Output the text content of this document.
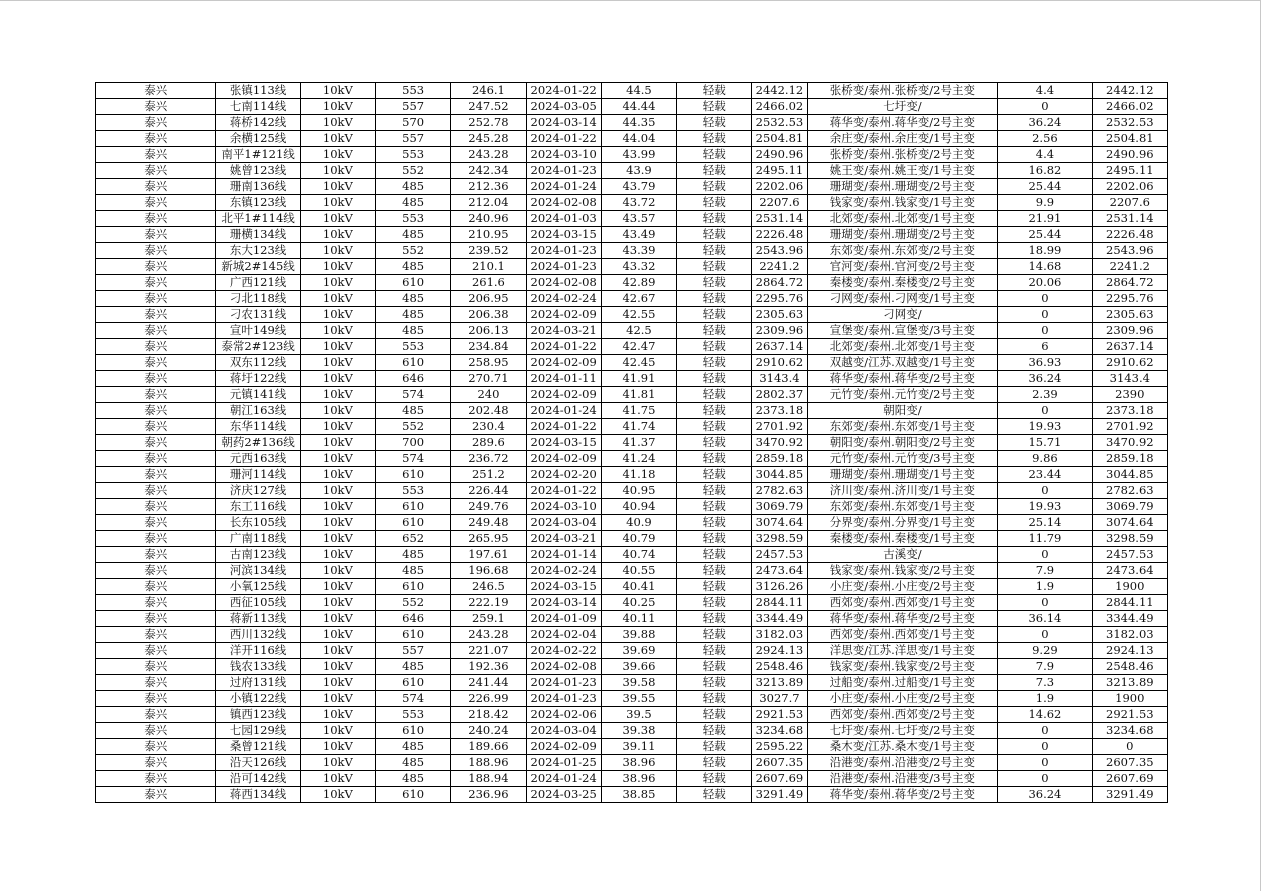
泰兴	张镇113线	10kV	553	246.1	2024-01-22	44.5	轻载	2442.12	张桥变/泰州.张桥变/2号主变	4.4	2442.12
泰兴	七南114线	10kV	557	247.52	2024-03-05	44.44	轻载	2466.02	七圩变/	0	2466.02
泰兴	蒋桥142线	10kV	570	252.78	2024-03-14	44.35	轻载	2532.53	蒋华变/泰州.蒋华变/2号主变	36.24	2532.53
泰兴	余横125线	10kV	557	245.28	2024-01-22	44.04	轻载	2504.81	余庄变/泰州.余庄变/1号主变	2.56	2504.81
泰兴	南平1#121线	10kV	553	243.28	2024-03-10	43.99	轻载	2490.96	张桥变/泰州.张桥变/2号主变	4.4	2490.96
泰兴	姚曾123线	10kV	552	242.34	2024-01-23	43.9	轻载	2495.11	姚王变/泰州.姚王变/1号主变	16.82	2495.11
泰兴	珊南136线	10kV	485	212.36	2024-01-24	43.79	轻载	2202.06	珊瑚变/泰州.珊瑚变/2号主变	25.44	2202.06
泰兴	东镇123线	10kV	485	212.04	2024-02-08	43.72	轻载	2207.6	钱家变/泰州.钱家变/1号主变	9.9	2207.6
泰兴	北平1#114线	10kV	553	240.96	2024-01-03	43.57	轻载	2531.14	北郊变/泰州.北郊变/1号主变	21.91	2531.14
泰兴	珊横134线	10kV	485	210.95	2024-03-15	43.49	轻载	2226.48	珊瑚变/泰州.珊瑚变/2号主变	25.44	2226.48
泰兴	东大123线	10kV	552	239.52	2024-01-23	43.39	轻载	2543.96	东郊变/泰州.东郊变/2号主变	18.99	2543.96
泰兴	新城2#145线	10kV	485	210.1	2024-01-23	43.32	轻载	2241.2	官河变/泰州.官河变/2号主变	14.68	2241.2
泰兴	广西121线	10kV	610	261.6	2024-02-08	42.89	轻载	2864.72	秦楼变/泰州.秦楼变/2号主变	20.06	2864.72
泰兴	刁北118线	10kV	485	206.95	2024-02-24	42.67	轻载	2295.76	刁网变/泰州.刁网变/1号主变	0	2295.76
泰兴	刁农131线	10kV	485	206.38	2024-02-09	42.55	轻载	2305.63	刁网变/	0	2305.63
泰兴	宣叶149线	10kV	485	206.13	2024-03-21	42.5	轻载	2309.96	宣堡变/泰州.宣堡变/3号主变	0	2309.96
泰兴	泰常2#123线	10kV	553	234.84	2024-01-22	42.47	轻载	2637.14	北郊变/泰州.北郊变/1号主变	6	2637.14
泰兴	双东112线	10kV	610	258.95	2024-02-09	42.45	轻载	2910.62	双越变/江苏.双越变/1号主变	36.93	2910.62
泰兴	蒋圩122线	10kV	646	270.71	2024-01-11	41.91	轻载	3143.4	蒋华变/泰州.蒋华变/2号主变	36.24	3143.4
泰兴	元镇141线	10kV	574	240	2024-02-09	41.81	轻载	2802.37	元竹变/泰州.元竹变/2号主变	2.39	2390
泰兴	朝江163线	10kV	485	202.48	2024-01-24	41.75	轻载	2373.18	朝阳变/	0	2373.18
泰兴	东华114线	10kV	552	230.4	2024-01-22	41.74	轻载	2701.92	东郊变/泰州.东郊变/1号主变	19.93	2701.92
泰兴	朝药2#136线	10kV	700	289.6	2024-03-15	41.37	轻载	3470.92	朝阳变/泰州.朝阳变/2号主变	15.71	3470.92
泰兴	元西163线	10kV	574	236.72	2024-02-09	41.24	轻载	2859.18	元竹变/泰州.元竹变/3号主变	9.86	2859.18
泰兴	珊河114线	10kV	610	251.2	2024-02-20	41.18	轻载	3044.85	珊瑚变/泰州.珊瑚变/1号主变	23.44	3044.85
泰兴	济庆127线	10kV	553	226.44	2024-01-22	40.95	轻载	2782.63	济川变/泰州.济川变/1号主变	0	2782.63
泰兴	东工116线	10kV	610	249.76	2024-03-10	40.94	轻载	3069.79	东郊变/泰州.东郊变/1号主变	19.93	3069.79
泰兴	长东105线	10kV	610	249.48	2024-03-04	40.9	轻载	3074.64	分界变/泰州.分界变/1号主变	25.14	3074.64
泰兴	广南118线	10kV	652	265.95	2024-03-21	40.79	轻载	3298.59	秦楼变/泰州.秦楼变/1号主变	11.79	3298.59
泰兴	古南123线	10kV	485	197.61	2024-01-14	40.74	轻载	2457.53	古溪变/	0	2457.53
泰兴	河滨134线	10kV	485	196.68	2024-02-24	40.55	轻载	2473.64	钱家变/泰州.钱家变/2号主变	7.9	2473.64
泰兴	小氧125线	10kV	610	246.5	2024-03-15	40.41	轻载	3126.26	小庄变/泰州.小庄变/2号主变	1.9	1900
泰兴	西征105线	10kV	552	222.19	2024-03-14	40.25	轻载	2844.11	西郊变/泰州.西郊变/1号主变	0	2844.11
泰兴	蒋新113线	10kV	646	259.1	2024-01-09	40.11	轻载	3344.49	蒋华变/泰州.蒋华变/2号主变	36.14	3344.49
泰兴	西川132线	10kV	610	243.28	2024-02-04	39.88	轻载	3182.03	西郊变/泰州.西郊变/1号主变	0	3182.03
泰兴	洋开116线	10kV	557	221.07	2024-02-22	39.69	轻载	2924.13	洋思变/江苏.洋思变/1号主变	9.29	2924.13
泰兴	钱农133线	10kV	485	192.36	2024-02-08	39.66	轻载	2548.46	钱家变/泰州.钱家变/2号主变	7.9	2548.46
泰兴	过府131线	10kV	610	241.44	2024-01-23	39.58	轻载	3213.89	过船变/泰州.过船变/1号主变	7.3	3213.89
泰兴	小镇122线	10kV	574	226.99	2024-01-23	39.55	轻载	3027.7	小庄变/泰州.小庄变/2号主变	1.9	1900
泰兴	镇西123线	10kV	553	218.42	2024-02-06	39.5	轻载	2921.53	西郊变/泰州.西郊变/2号主变	14.62	2921.53
泰兴	七园129线	10kV	610	240.24	2024-03-04	39.38	轻载	3234.68	七圩变/泰州.七圩变/2号主变	0	3234.68
泰兴	桑曾121线	10kV	485	189.66	2024-02-09	39.11	轻载	2595.22	桑木变/江苏.桑木变/1号主变	0	0
泰兴	沿天126线	10kV	485	188.96	2024-01-25	38.96	轻载	2607.35	沿港变/泰州.沿港变/2号主变	0	2607.35
泰兴	沿可142线	10kV	485	188.94	2024-01-24	38.96	轻载	2607.69	沿港变/泰州.沿港变/3号主变	0	2607.69
泰兴	蒋西134线	10kV	610	236.96	2024-03-25	38.85	轻载	3291.49	蒋华变/泰州.蒋华变/2号主变	36.24	3291.49
